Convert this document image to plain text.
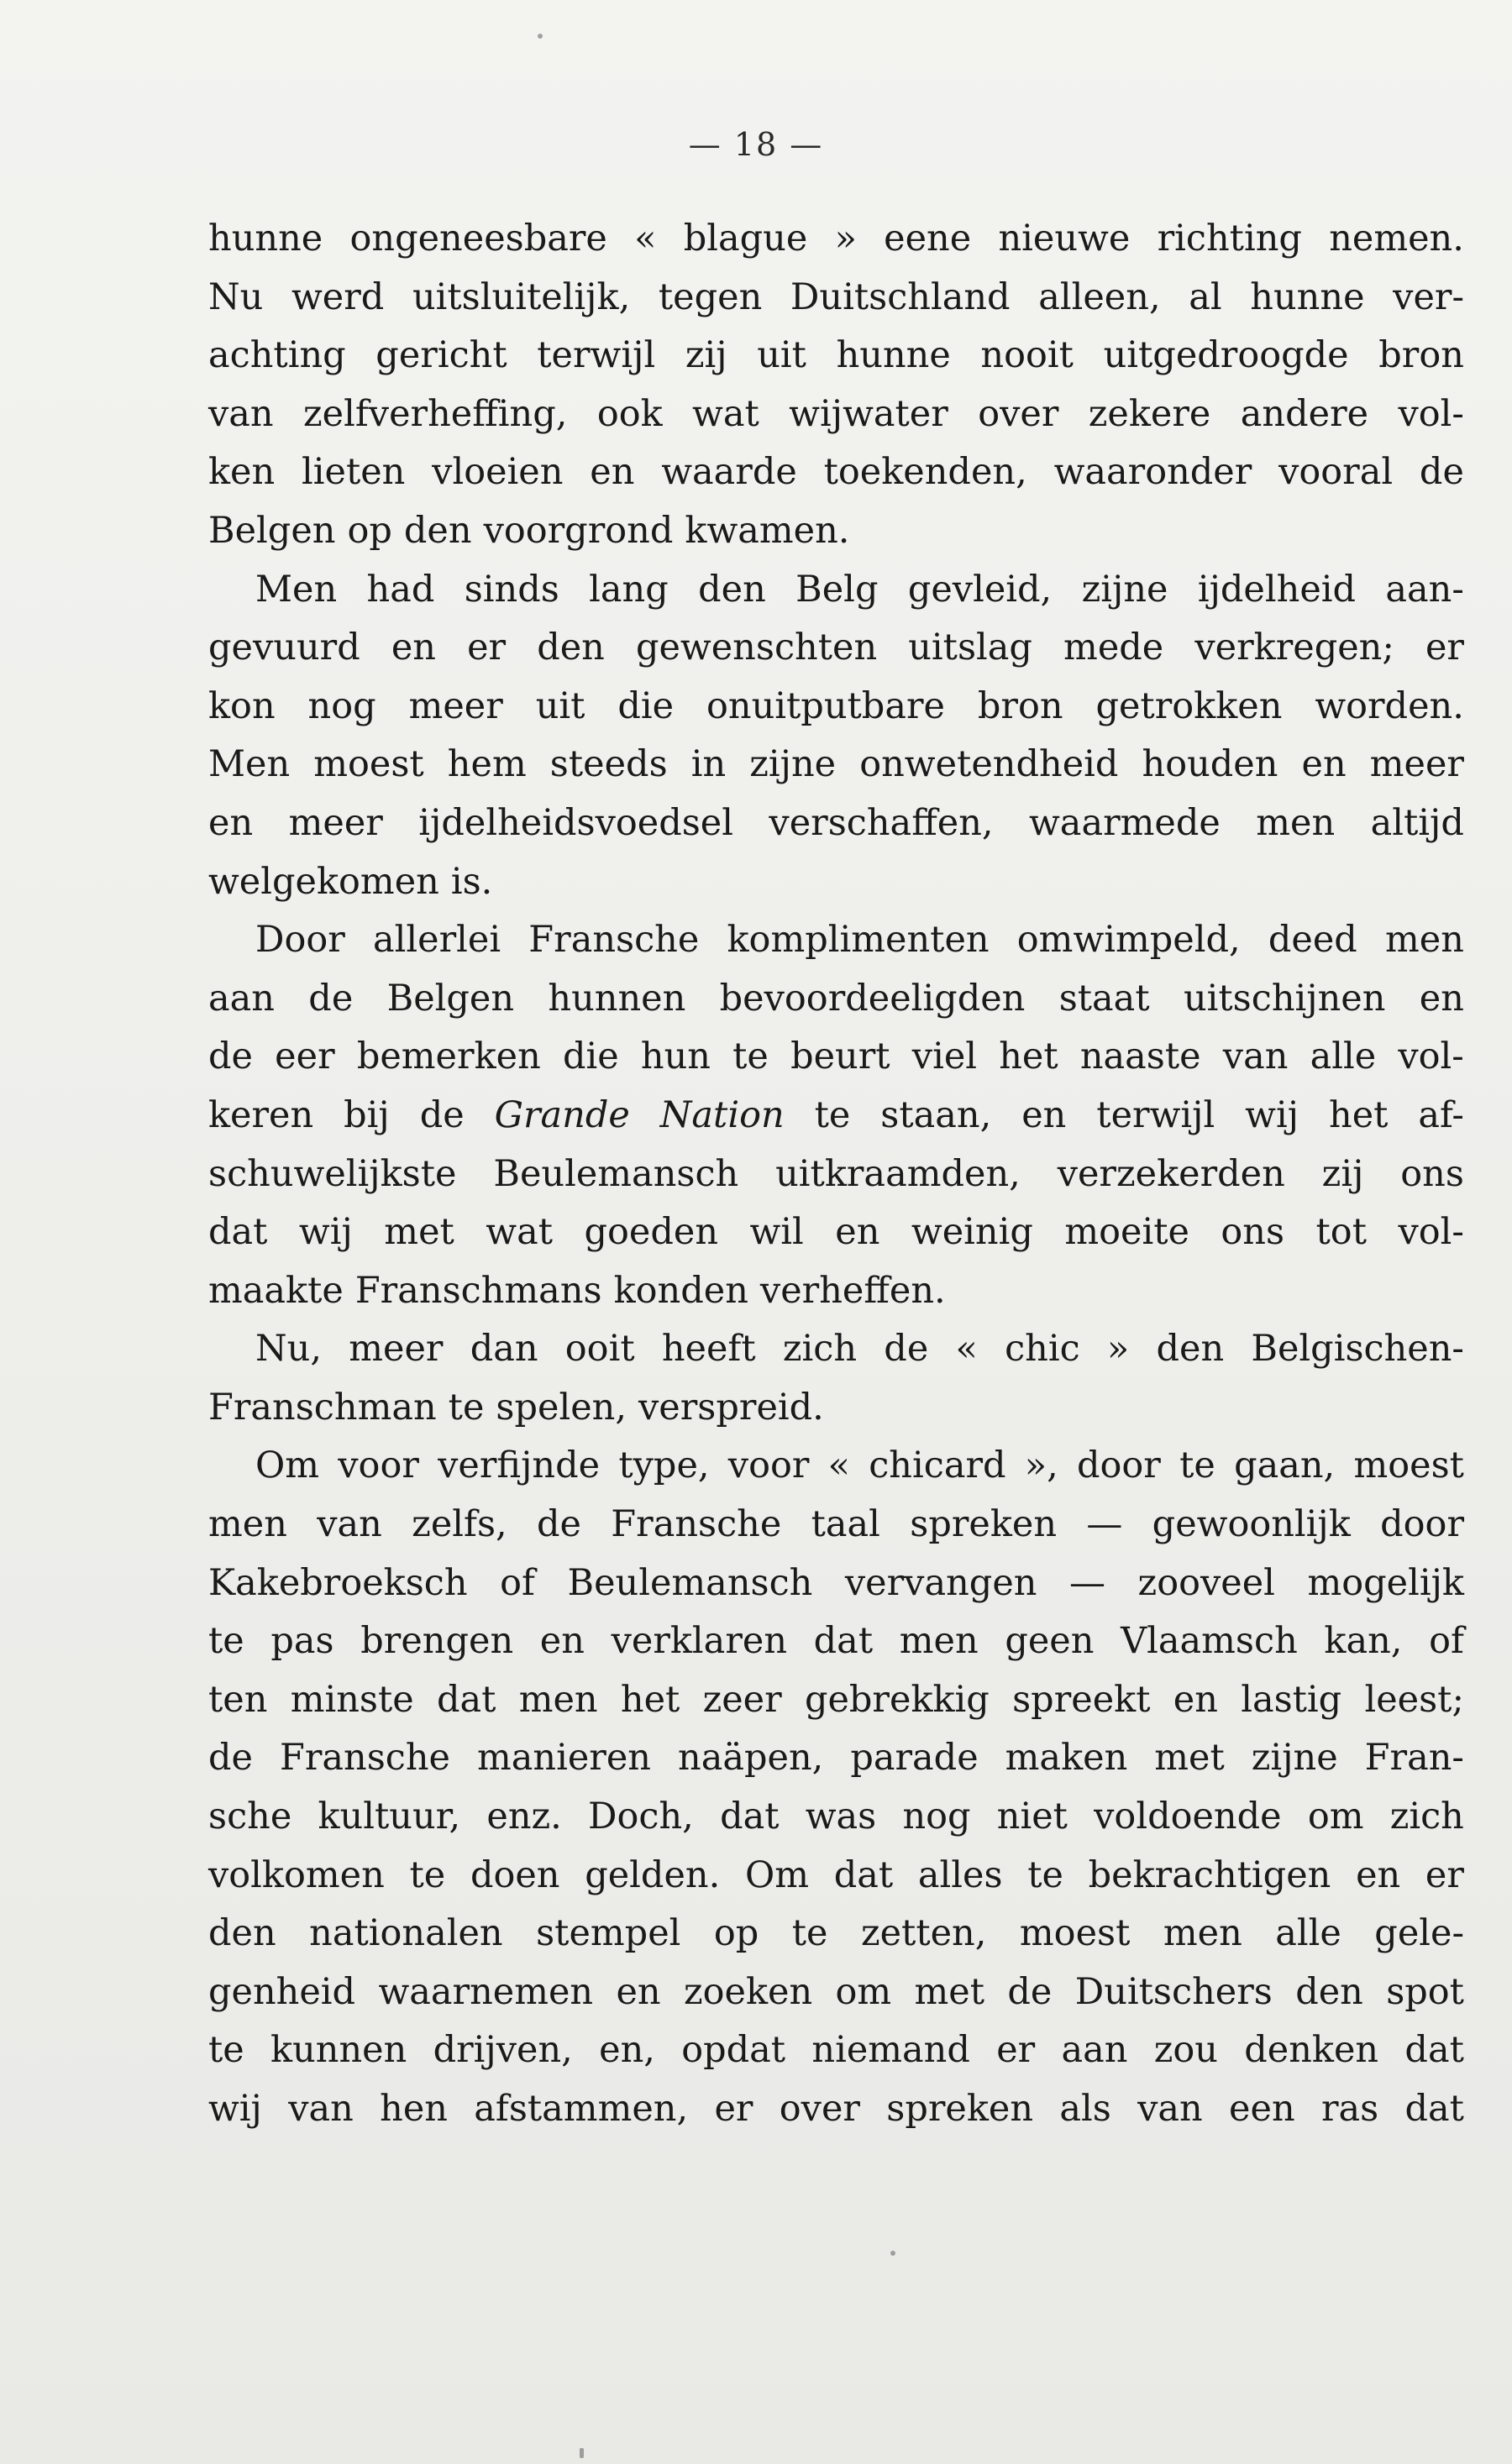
— 18 —
hunne ongeneesbare « blague » eene nieuwe richting nemen.
Nu werd uitsluitelijk, tegen Duitschland alleen, al hunne ver-
achting gericht terwijl zij uit hunne nooit uitgedroogde bron
van zelfverheffing, ook wat wijwater over zekere andere vol-
ken lieten vloeien en waarde toekenden, waaronder vooral de
Belgen op den voorgrond kwamen.
Men had sinds lang den Belg gevleid, zijne ijdelheid aan-
gevuurd en er den gewenschten uitslag mede verkregen; er
kon nog meer uit die onuitputbare bron getrokken worden.
Men moest hem steeds in zijne onwetendheid houden en meer
en meer ijdelheidsvoedsel verschaffen, waarmede men altijd
welgekomen is.
Door allerlei Fransche komplimenten omwimpeld, deed men
aan de Belgen hunnen bevoordeeligden staat uitschijnen en
de eer bemerken die hun te beurt viel het naaste van alle vol-
keren bij de Grande Nation te staan, en terwijl wij het af-
schuwelijkste Beulemansch uitkraamden, verzekerden zij ons
dat wij met wat goeden wil en weinig moeite ons tot vol-
maakte Franschmans konden verheffen.
Nu, meer dan ooit heeft zich de « chic » den Belgischen-
Franschman te spelen, verspreid.
Om voor verfijnde type, voor « chicard », door te gaan, moest
men van zelfs, de Fransche taal spreken — gewoonlijk door
Kakebroeksch of Beulemansch vervangen — zooveel mogelijk
te pas brengen en verklaren dat men geen Vlaamsch kan, of
ten minste dat men het zeer gebrekkig spreekt en lastig leest;
de Fransche manieren naäpen, parade maken met zijne Fran-
sche kultuur, enz. Doch, dat was nog niet voldoende om zich
volkomen te doen gelden. Om dat alles te bekrachtigen en er
den nationalen stempel op te zetten, moest men alle gele-
genheid waarnemen en zoeken om met de Duitschers den spot
te kunnen drijven, en, opdat niemand er aan zou denken dat
wij van hen afstammen, er over spreken als van een ras dat
